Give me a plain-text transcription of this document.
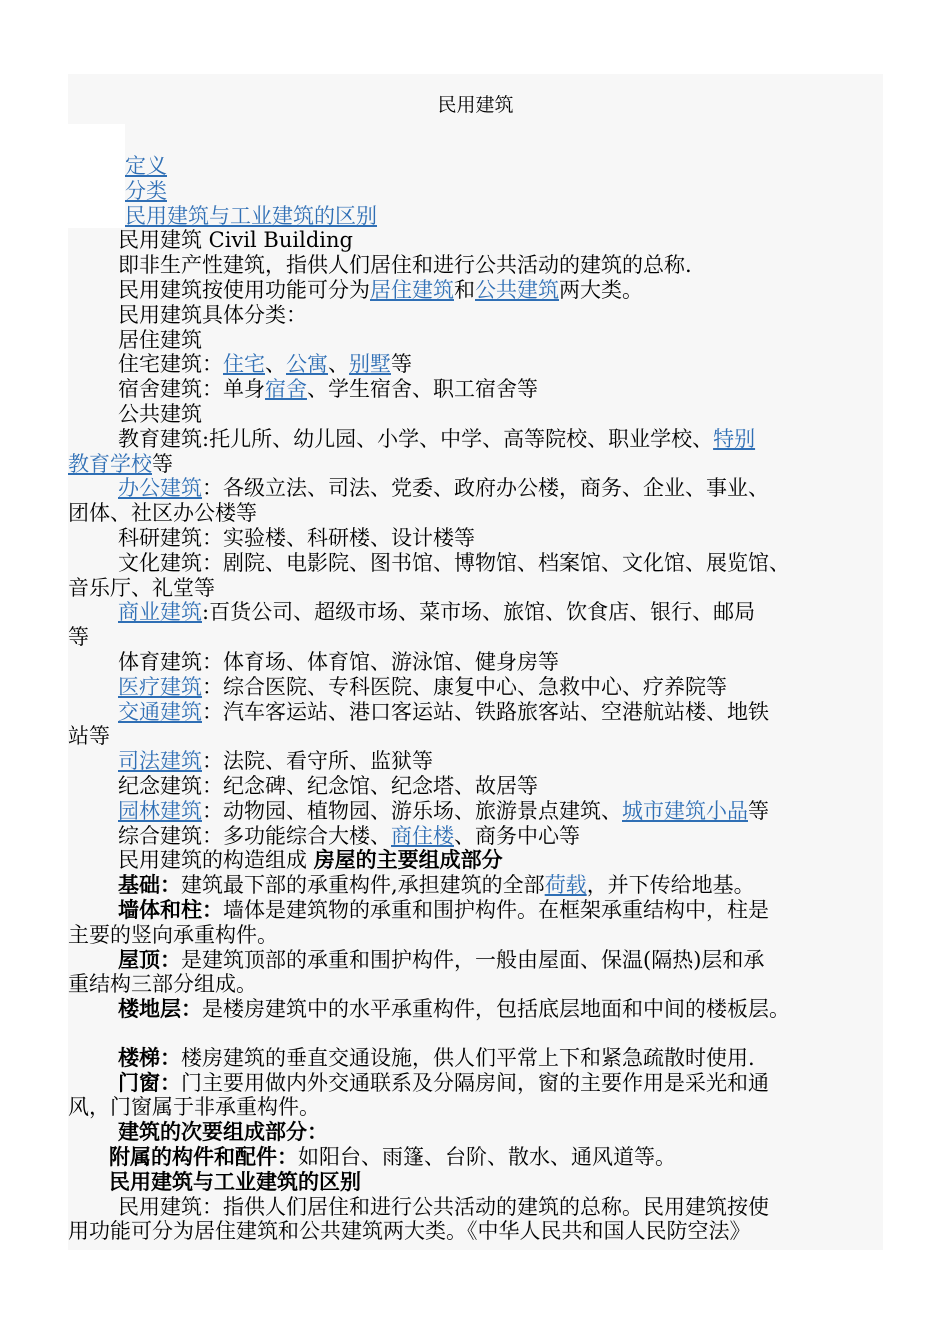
民用建筑
定义
分类
民用建筑与工业建筑的区别
民用建筑 Civil Building
即非生产性建筑，指供人们居住和进行公共活动的建筑的总称.
民用建筑按使用功能可分为居住建筑和公共建筑两大类。
民用建筑具体分类：
居住建筑
住宅建筑：住宅、公寓、别墅等
宿舍建筑：单身宿舍、学生宿舍、职工宿舍等
公共建筑
教育建筑:托儿所、幼儿园、小学、中学、高等院校、职业学校、特别
教育学校等
办公建筑：各级立法、司法、党委、政府办公楼，商务、企业、事业、
团体、社区办公楼等
科研建筑：实验楼、科研楼、设计楼等
文化建筑：剧院、电影院、图书馆、博物馆、档案馆、文化馆、展览馆、
音乐厅、礼堂等
商业建筑:百货公司、超级市场、菜市场、旅馆、饮食店、银行、邮局
等
体育建筑：体育场、体育馆、游泳馆、健身房等
医疗建筑：综合医院、专科医院、康复中心、急救中心、疗养院等
交通建筑：汽车客运站、港口客运站、铁路旅客站、空港航站楼、地铁
站等
司法建筑：法院、看守所、监狱等
纪念建筑：纪念碑、纪念馆、纪念塔、故居等
园林建筑：动物园、植物园、游乐场、旅游景点建筑、城市建筑小品等
综合建筑：多功能综合大楼、商住楼、商务中心等
民用建筑的构造组成 房屋的主要组成部分
基础：建筑最下部的承重构件,承担建筑的全部荷载，并下传给地基。
墙体和柱：墙体是建筑物的承重和围护构件。在框架承重结构中，柱是
主要的竖向承重构件。
屋顶：是建筑顶部的承重和围护构件，一般由屋面、保温(隔热)层和承
重结构三部分组成。
楼地层：是楼房建筑中的水平承重构件，包括底层地面和中间的楼板层。
楼梯：楼房建筑的垂直交通设施，供人们平常上下和紧急疏散时使用.
门窗：门主要用做内外交通联系及分隔房间，窗的主要作用是采光和通
风，门窗属于非承重构件。
建筑的次要组成部分：
附属的构件和配件：如阳台、雨篷、台阶、散水、通风道等。
民用建筑与工业建筑的区别
民用建筑：指供人们居住和进行公共活动的建筑的总称。民用建筑按使
用功能可分为居住建筑和公共建筑两大类。《中华人民共和国人民防空法》
